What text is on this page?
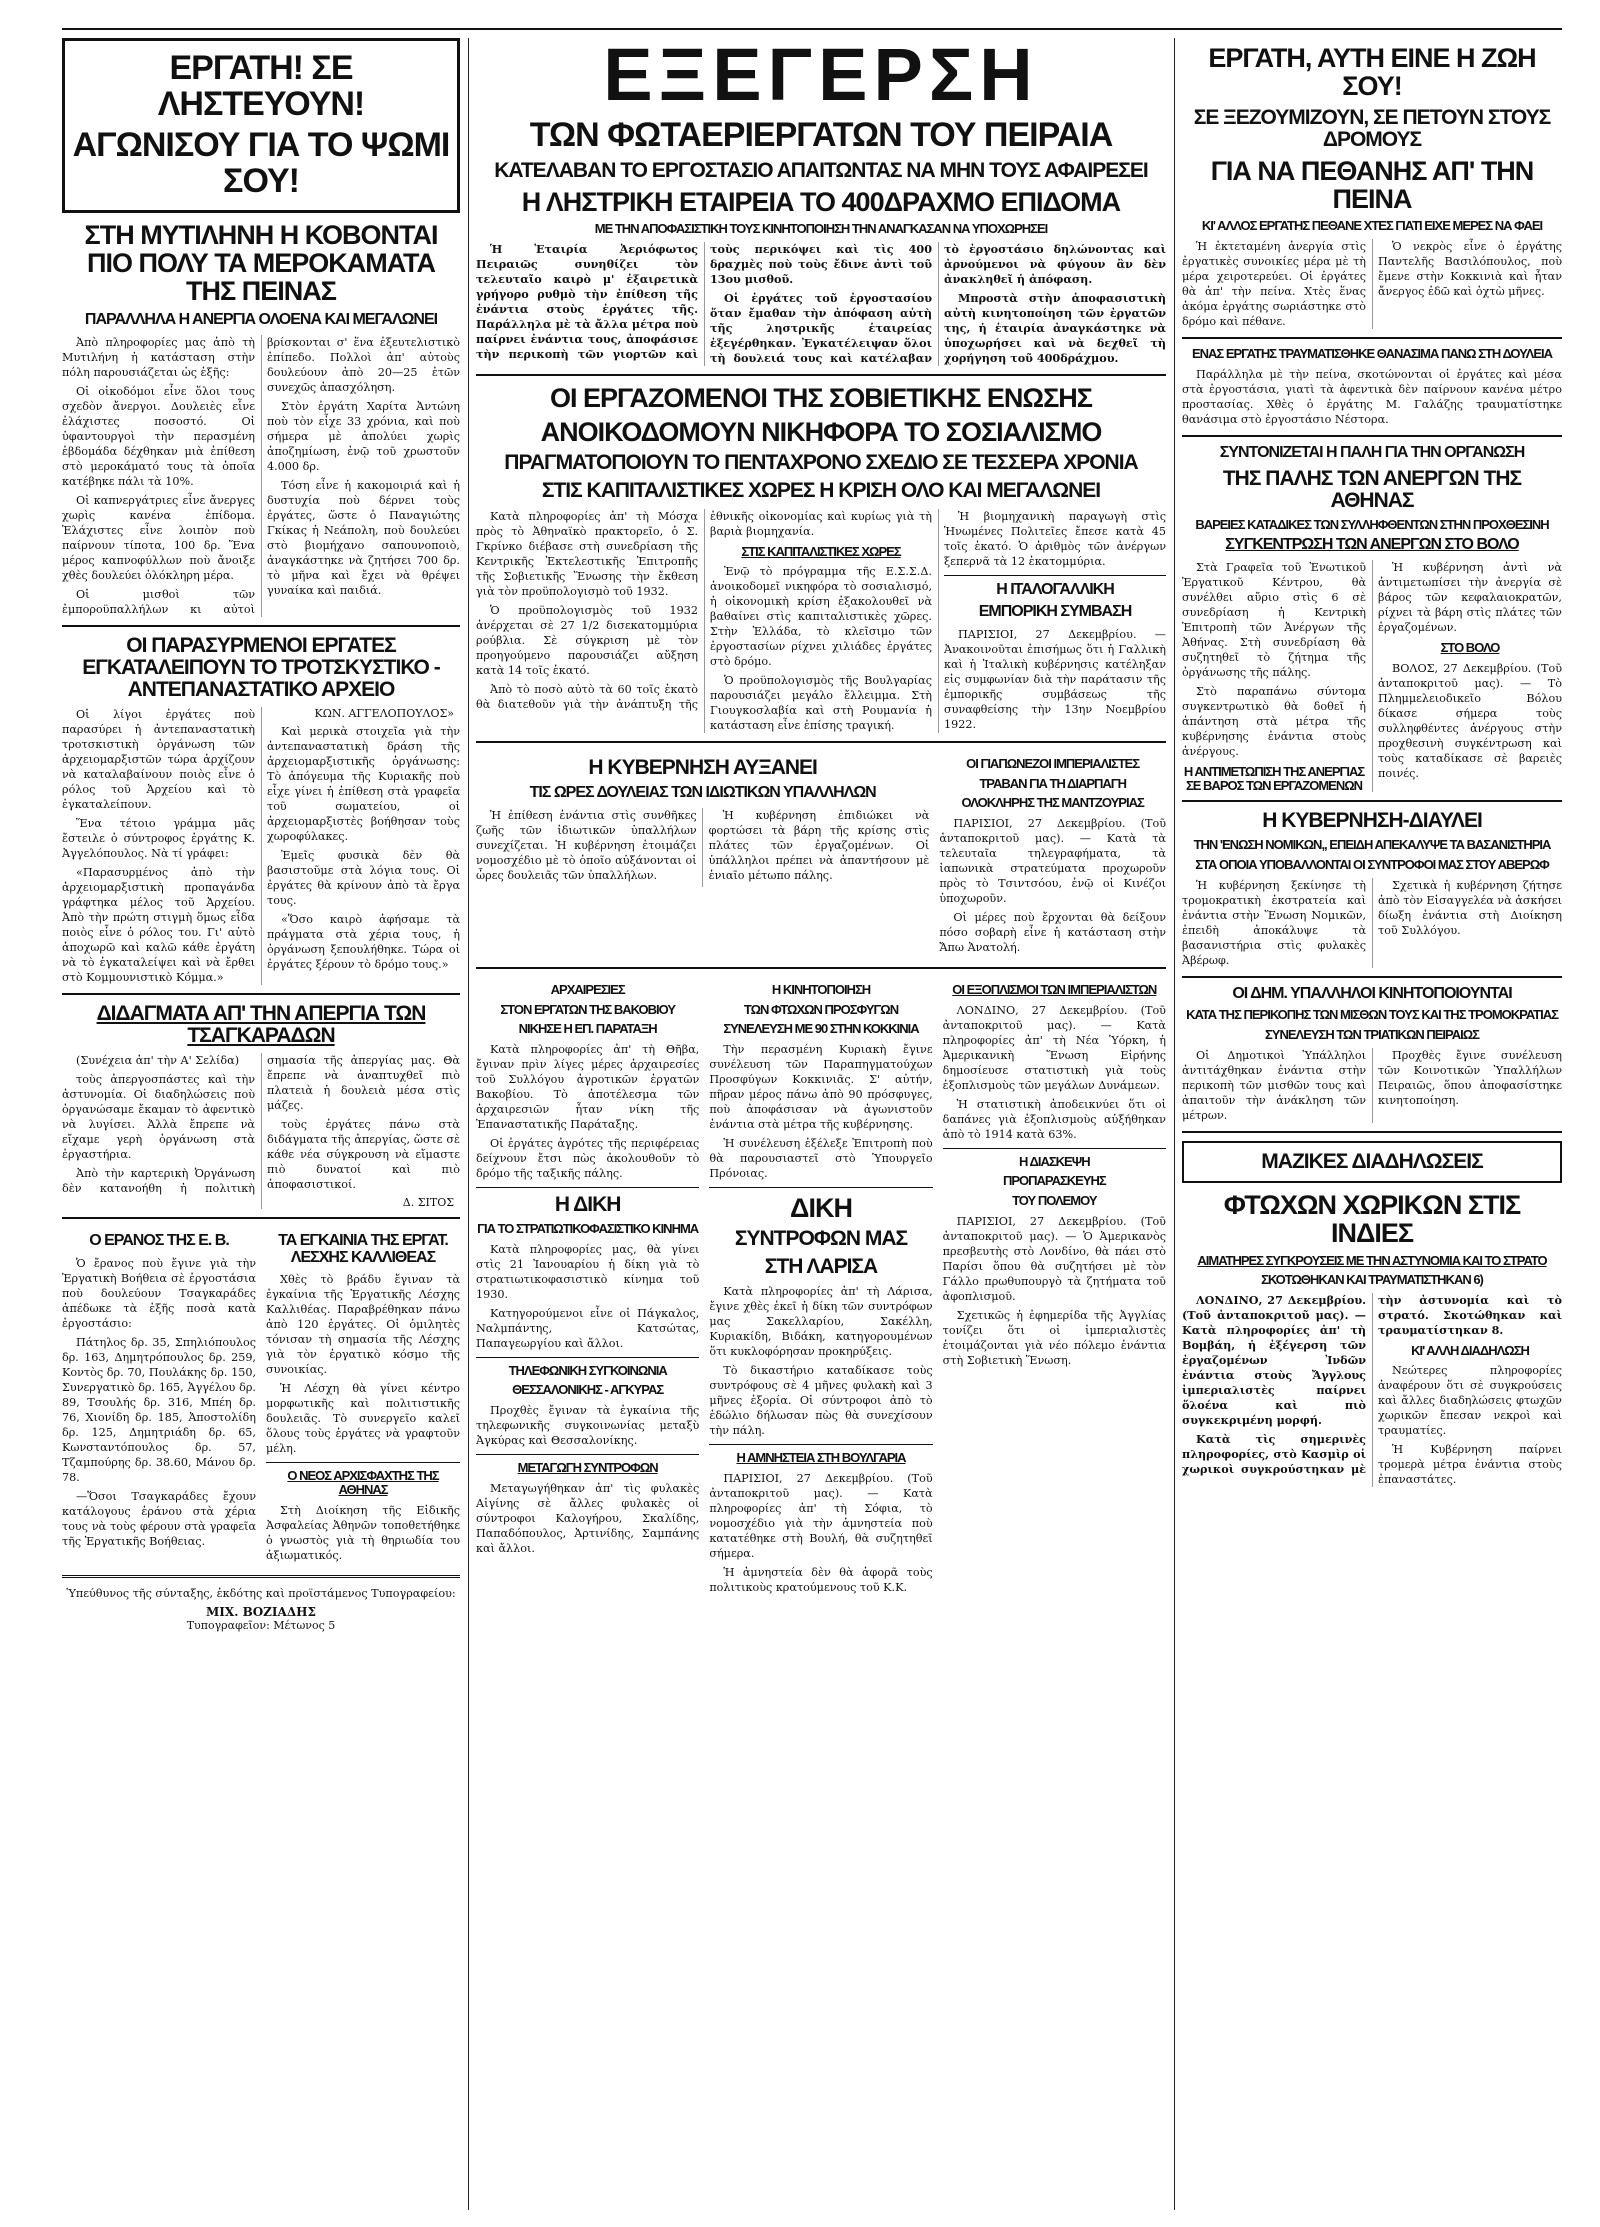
ΕΡΓΑΤΗ! ΣΕ ΛΗΣΤΕΥΟΥΝ!
ΑΓΩΝΙΣΟΥ ΓΙΑ ΤΟ ΨΩΜΙ ΣΟΥ!
ΣΤΗ ΜΥΤΙΛΗΝΗ Η ΚΟΒΟΝΤΑΙ ΠΙΟ ΠΟΛΥ ΤΑ ΜΕΡΟΚΑΜΑΤΑ ΤΗΣ ΠΕΙΝΑΣ
ΠΑΡΑΛΛΗΛΑ Η ΑΝΕΡΓΙΑ ΟΛΟΕΝΑ ΚΑΙ ΜΕΓΑΛΩΝΕΙ

Ἀπὸ πληροφορίες μας ἀπὸ τὴ Μυτιλήνη ἡ κατάσταση στὴν πόλη παρουσιάζεται ὡς ἑξῆς:

Οἱ οἰκοδόμοι εἶνε ὅλοι τους σχεδὸν ἄνεργοι. Δουλειὲς εἶνε ἐλάχιστες ποσοστό. Οἱ ὑφαντουργοὶ τὴν περασμένη ἑβδομάδα δέχθηκαν μιὰ ἐπίθεση στὸ μεροκάματό τους τὰ ὁποῖα κατέβηκε πάλι τὰ 10%.

Οἱ καπνεργάτριες εἶνε ἄνεργες χωρὶς κανένα ἐπίδομα. Ἐλάχιστες εἶνε λοιπὸν ποὺ παίρνουν τίποτα, 100 δρ. Ἕνα μέρος καπνοφύλλων ποὺ ἄνοιξε χθὲς δουλεύει ὁλόκληρη μέρα.

Οἱ μισθοὶ τῶν ἐμποροϋπαλλήλων κι αὐτοὶ βρίσκονται σ' ἕνα ἐξευτελιστικὸ ἐπίπεδο. Πολλοὶ ἀπ' αὐτοὺς δουλεύουν ἀπὸ 20—25 ἑτῶν συνεχῶς ἀπασχόληση.

Στὸν ἐργάτη Χαρίτα Ἀντώνη ποὺ τὸν εἶχε 33 χρόνια, καὶ ποὺ σήμερα μὲ ἀπολύει χωρὶς ἀποζημίωση, ἐνῷ τοῦ χρωστοῦν 4.000 δρ.

Τόση εἶνε ἡ κακομοιριά καὶ ἡ δυστυχία ποὺ δέρνει τοὺς ἐργάτες, ὥστε ὁ Παναγιώτης Γκίκας ἡ Νεάπολη, ποὺ δουλεύει στὸ βιομήχανο σαπουνοποιὸ, ἀναγκάστηκε νὰ ζητήσει 700 δρ. τὸ μῆνα καὶ ἔχει νὰ θρέψει γυναίκα καὶ παιδιά.

ΟΙ ΠΑΡΑΣΥΡΜΕΝΟΙ ΕΡΓΑΤΕΣ ΕΓΚΑΤΑΛΕΙΠΟΥΝ ΤΟ ΤΡΟΤΣΚΥΣΤΙΚΟ - ΑΝΤΕΠΑΝΑΣΤΑΤΙΚΟ ΑΡΧΕΙΟ

Οἱ λίγοι ἐργάτες ποὺ παρασύρει ἡ ἀντεπαναστατικὴ τροτσκιστικὴ ὀργάνωση τῶν ἀρχειομαρξιστῶν τώρα ἀρχίζουν νὰ καταλαβαίνουν ποιὸς εἶνε ὁ ρόλος τοῦ Ἀρχείου καὶ τὸ ἐγκαταλείπουν.

Ἕνα τέτοιο γράμμα μᾶς ἔστειλε ὁ σύντροφος ἐργάτης Κ. Ἀγγελόπουλος. Νὰ τί γράφει:

«Παρασυρμένος ἀπὸ τὴν ἀρχειομαρξιστικὴ προπαγάνδα γράφτηκα μέλος τοῦ Ἀρχείου. Ἀπὸ τὴν πρώτη στιγμὴ ὅμως εἶδα ποιὸς εἶνε ὁ ρόλος του. Γι' αὐτὸ ἀποχωρῶ καὶ καλῶ κάθε ἐργάτη νὰ τὸ ἐγκαταλείψει καὶ νὰ ἔρθει στὸ Κομμουνιστικὸ Κόμμα.»

ΚΩΝ. ΑΓΓΕΛΟΠΟΥΛΟΣ»

Καὶ μερικὰ στοιχεῖα γιὰ τὴν ἀντεπαναστατικὴ δράση τῆς ἀρχειομαρξιστικῆς ὀργάνωσης: Τὸ ἀπόγευμα τῆς Κυριακῆς ποὺ εἶχε γίνει ἡ ἐπίθεση στὰ γραφεῖα τοῦ σωματείου, οἱ ἀρχειομαρξιστὲς βοήθησαν τοὺς χωροφύλακες.

Ἐμεῖς φυσικὰ δὲν θὰ βασιστοῦμε στὰ λόγια τους. Οἱ ἐργάτες θὰ κρίνουν ἀπὸ τὰ ἔργα τους.

«Ὅσο καιρὸ ἀφήσαμε τὰ πράγματα στὰ χέρια τους, ἡ ὀργάνωση ξεπουλήθηκε. Τώρα οἱ ἐργάτες ξέρουν τὸ δρόμο τους.»

ΔΙΔΑΓΜΑΤΑ ΑΠ' ΤΗΝ ΑΠΕΡΓΙΑ ΤΩΝ ΤΣΑΓΚΑΡΑΔΩΝ

(Συνέχεια ἀπ' τὴν Α' Σελίδα)

τοὺς ἀπεργοσπάστες καὶ τὴν ἀστυνομία. Οἱ διαδηλώσεις ποὺ ὀργανώσαμε ἔκαμαν τὸ ἀφεντικὸ νὰ λυγίσει. Ἀλλὰ ἔπρεπε νὰ εἴχαμε γερὴ ὀργάνωση στὰ ἐργαστήρια.

Ἀπὸ τὴν καρτερικὴ Ὀργάνωση δὲν κατανοήθη ἡ πολιτικὴ σημασία τῆς ἀπεργίας μας. Θὰ ἔπρεπε νὰ ἀναπτυχθεῖ πιὸ πλατειὰ ἡ δουλειὰ μέσα στὶς μάζες.

τοὺς ἐργάτες πάνω στὰ διδάγματα τῆς ἀπεργίας, ὥστε σὲ κάθε νέα σύγκρουση νὰ εἴμαστε πιὸ δυνατοί καὶ πιὸ ἀποφασιστικοί.

Δ. ΣΙΤΟΣ
Ο ΕΡΑΝΟΣ ΤΗΣ Ε. Β.

Ὁ ἔρανος ποὺ ἔγινε γιὰ τὴν Ἐργατικὴ Βοήθεια σὲ ἐργοστάσια ποὺ δουλεύουν Τσαγκαράδες ἀπέδωκε τὰ ἑξῆς ποσὰ κατὰ ἐργοστάσιο:

Πάτηλος δρ. 35, Σπηλιόπουλος δρ. 163, Δημητρόπουλος δρ. 259, Κοντὸς δρ. 70, Πουλάκης δρ. 150, Συνεργατικὸ δρ. 165, Ἀγγέλου δρ. 89, Τσουλής δρ. 316, Μπέη δρ. 76, Χιονίδη δρ. 185, Ἀποστολίδη δρ. 125, Δημητριάδη δρ. 65, Κωνσταντόπουλος δρ. 57, Τζαμπούρης δρ. 38.60, Μάνου δρ. 78.

—Ὅσοι Τσαγκαράδες ἔχουν κατάλογους ἐράνου στὰ χέρια τους νὰ τοὺς φέρουν στὰ γραφεῖα τῆς Ἐργατικῆς Βοήθειας.

ΤΑ ΕΓΚΑΙΝΙΑ ΤΗΣ ΕΡΓΑΤ. ΛΕΣΧΗΣ ΚΑΛΛΙΘΕΑΣ

Χθὲς τὸ βράδυ ἔγιναν τὰ ἐγκαίνια τῆς Ἐργατικῆς Λέσχης Καλλιθέας. Παραβρέθηκαν πάνω ἀπὸ 120 ἐργάτες. Οἱ ὁμιλητὲς τόνισαν τὴ σημασία τῆς Λέσχης γιὰ τὸν ἐργατικὸ κόσμο τῆς συνοικίας.

Ἡ Λέσχη θὰ γίνει κέντρο μορφωτικῆς καὶ πολιτιστικῆς δουλειᾶς. Τὸ συνεργεῖο καλεῖ ὅλους τοὺς ἐργάτες νὰ γραφτοῦν μέλη.

Ο ΝΕΟΣ ΑΡΧΙΣΦΑΧΤΗΣ ΤΗΣ ΑΘΗΝΑΣ

Στὴ Διοίκηση τῆς Εἰδικῆς Ἀσφαλείας Ἀθηνῶν τοποθετήθηκε ὁ γνωστὸς γιὰ τὴ θηριωδία του ἀξιωματικός.

Ὑπεύθυνος τῆς σύνταξης, ἐκδότης καὶ προϊστάμενος Τυπογραφείου:

ΜΙΧ. ΒΟΖΙΑΔΗΣ
Τυπογραφεῖον: Μέτωνος 5
ΕΞΕΓΕΡΣΗ
ΤΩΝ ΦΩΤΑΕΡΙΕΡΓΑΤΩΝ ΤΟΥ ΠΕΙΡΑΙΑ
ΚΑΤΕΛΑΒΑΝ ΤΟ ΕΡΓΟΣΤΑΣΙΟ ΑΠΑΙΤΩΝΤΑΣ ΝΑ ΜΗΝ ΤΟΥΣ ΑΦΑΙΡΕΣΕΙ
Η ΛΗΣΤΡΙΚΗ ΕΤΑΙΡΕΙΑ ΤΟ 400ΔΡΑΧΜΟ ΕΠΙΔΟΜΑ
ΜΕ ΤΗΝ ΑΠΟΦΑΣΙΣΤΙΚΗ ΤΟΥΣ ΚΙΝΗΤΟΠΟΙΗΣΗ ΤΗΝ ΑΝΑΓΚΑΣΑΝ ΝΑ ΥΠΟΧΩΡΗΣΕΙ

Ἡ Ἑταιρία Ἀεριόφωτος Πειραιῶς συνηθίζει τὸν τελευταῖο καιρὸ μ' ἐξαιρετικὰ γρήγορο ρυθμὸ τὴν ἐπίθεση τῆς ἐνάντια στοὺς ἐργάτες τῆς. Παράλληλα μὲ τὰ ἄλλα μέτρα ποὺ παίρνει ἐνάντια τους, ἀποφάσισε τὴν περικοπὴ τῶν γιορτῶν καὶ τοὺς περικόψει καὶ τὶς 400 δραχμὲς ποὺ τοὺς ἔδινε ἀντὶ τοῦ 13ου μισθοῦ.

Οἱ ἐργάτες τοῦ ἐργοστασίου ὅταν ἔμαθαν τὴν ἀπόφαση αὐτὴ τῆς ληστρικῆς ἑταιρείας ἐξεγέρθηκαν. Ἐγκατέλειψαν ὅλοι τὴ δουλειά τους καὶ κατέλαβαν τὸ ἐργοστάσιο δηλώνοντας καὶ ἀρνούμενοι νὰ φύγουν ἂν δὲν ἀνακληθεῖ ἡ ἀπόφαση.

Μπροστὰ στὴν ἀποφασιστικὴ αὐτὴ κινητοποίηση τῶν ἐργατῶν της, ἡ ἑταιρία ἀναγκάστηκε νὰ ὑποχωρήσει καὶ νὰ δεχθεῖ τὴ χορήγηση τοῦ 400δράχμου.

ΟΙ ΕΡΓΑΖΟΜΕΝΟΙ ΤΗΣ ΣΟΒΙΕΤΙΚΗΣ ΕΝΩΣΗΣ
ΑΝΟΙΚΟΔΟΜΟΥΝ ΝΙΚΗΦΟΡΑ ΤΟ ΣΟΣΙΑΛΙΣΜΟ
ΠΡΑΓΜΑΤΟΠΟΙΟΥΝ ΤΟ ΠΕΝΤΑΧΡΟΝΟ ΣΧΕΔΙΟ ΣΕ ΤΕΣΣΕΡΑ ΧΡΟΝΙΑ
ΣΤΙΣ ΚΑΠΙΤΑΛΙΣΤΙΚΕΣ ΧΩΡΕΣ Η ΚΡΙΣΗ ΟΛΟ ΚΑΙ ΜΕΓΑΛΩΝΕΙ

Κατὰ πληροφορίες ἀπ' τὴ Μόσχα πρὸς τὸ Ἀθηναϊκὸ πρακτορεῖο, ὁ Σ. Γκρίνκο διέβασε στὴ συνεδρίαση τῆς Κεντρικῆς Ἐκτελεστικῆς Ἐπιτροπῆς τῆς Σοβιετικῆς Ἕνωσης τὴν ἔκθεση γιὰ τὸν προϋπολογισμὸ τοῦ 1932.

Ὁ προϋπολογισμὸς τοῦ 1932 ἀνέρχεται σὲ 27 1/2 δισεκατομμύρια ρούβλια. Σὲ σύγκριση μὲ τὸν προηγούμενο παρουσιάζει αὔξηση κατὰ 14 τοῖς ἑκατό.

Ἀπὸ τὸ ποσὸ αὐτὸ τὰ 60 τοῖς ἑκατὸ θὰ διατεθοῦν γιὰ τὴν ἀνάπτυξη τῆς ἐθνικῆς οἰκονομίας καὶ κυρίως γιὰ τὴ βαριὰ βιομηχανία.

ΣΤΙΣ ΚΑΠΙΤΑΛΙΣΤΙΚΕΣ ΧΩΡΕΣ

Ἐνῷ τὸ πρόγραμμα τῆς Ε.Σ.Σ.Δ. ἀνοικοδομεῖ νικηφόρα τὸ σοσιαλισμό, ἡ οἰκονομικὴ κρίση ἐξακολουθεῖ νὰ βαθαίνει στὶς καπιταλιστικὲς χῶρες. Στὴν Ἑλλάδα, τὸ κλεῖσιμο τῶν ἐργοστασίων ρίχνει χιλιάδες ἐργάτες στὸ δρόμο.

Ὁ προϋπολογισμὸς τῆς Βουλγαρίας παρουσιάζει μεγάλο ἔλλειμμα. Στὴ Γιουγκοσλαβία καὶ στὴ Ρουμανία ἡ κατάσταση εἶνε ἐπίσης τραγική.

Ἡ βιομηχανικὴ παραγωγὴ στὶς Ἡνωμένες Πολιτεῖες ἔπεσε κατὰ 45 τοῖς ἑκατό. Ὁ ἀριθμὸς τῶν ἀνέργων ξεπερνᾶ τὰ 12 ἑκατομμύρια.

Η ΙΤΑΛΟΓΑΛΛΙΚΗ
ΕΜΠΟΡΙΚΗ ΣΥΜΒΑΣΗ

ΠΑΡΙΣΙΟΙ, 27 Δεκεμβρίου. — Ἀνακοινοῦται ἐπισήμως ὅτι ἡ Γαλλικὴ καὶ ἡ Ἰταλικὴ κυβέρνησις κατέληξαν εἰς συμφωνίαν διὰ τὴν παράτασιν τῆς ἐμπορικῆς συμβάσεως τῆς συναφθείσης τὴν 13ην Νοεμβρίου 1922.

Η ΚΥΒΕΡΝΗΣΗ ΑΥΞΑΝΕΙ
ΤΙΣ ΩΡΕΣ ΔΟΥΛΕΙΑΣ ΤΩΝ ΙΔΙΩΤΙΚΩΝ ΥΠΑΛΛΗΛΩΝ

Ἡ ἐπίθεση ἐνάντια στὶς συνθῆκες ζωῆς τῶν ἰδιωτικῶν ὑπαλλήλων συνεχίζεται. Ἡ κυβέρνηση ἑτοιμάζει νομοσχέδιο μὲ τὸ ὁποῖο αὐξάνονται οἱ ὧρες δουλειᾶς τῶν ὑπαλλήλων.

Ἡ κυβέρνηση ἐπιδιώκει νὰ φορτώσει τὰ βάρη τῆς κρίσης στὶς πλάτες τῶν ἐργαζομένων. Οἱ ὑπάλληλοι πρέπει νὰ ἀπαντήσουν μὲ ἑνιαῖο μέτωπο πάλης.

ΟΙ ΓΙΑΠΩΝΕΖΟΙ ΙΜΠΕΡΙΑΛΙΣΤΕΣ
ΤΡΑΒΑΝ ΓΙΑ ΤΗ ΔΙΑΡΠΑΓΗ
ΟΛΟΚΛΗΡΗΣ ΤΗΣ ΜΑΝΤΖΟΥΡΙΑΣ

ΠΑΡΙΣΙΟΙ, 27 Δεκεμβρίου. (Τοῦ ἀνταποκριτοῦ μας). — Κατὰ τὰ τελευταῖα τηλεγραφήματα, τὰ ἰαπωνικὰ στρατεύματα προχωροῦν πρὸς τὸ Τσιντσόου, ἐνῷ οἱ Κινέζοι ὑποχωροῦν.

Οἱ μέρες ποὺ ἔρχονται θὰ δείξουν πόσο σοβαρὴ εἶνε ἡ κατάσταση στὴν Ἄπω Ἀνατολή.

ΑΡΧΑΙΡΕΣΙΕΣ
ΣΤΟΝ ΕΡΓΑΤΩΝ ΤΗΣ ΒΑΚΟΒΙΟΥ
ΝΙΚΗΣΕ Η ΕΠ. ΠΑΡΑΤΑΞΗ

Κατὰ πληροφορίες ἀπ' τὴ Θῆβα, ἔγιναν πρὶν λίγες μέρες ἀρχαιρεσίες τοῦ Συλλόγου ἀγροτικῶν ἐργατῶν Βακοβίου. Τὸ ἀποτέλεσμα τῶν ἀρχαιρεσιῶν ἦταν νίκη τῆς Ἐπαναστατικῆς Παράταξης.

Οἱ ἐργάτες ἀγρότες τῆς περιφέρειας δείχνουν ἔτσι πὼς ἀκολουθοῦν τὸ δρόμο τῆς ταξικῆς πάλης.

Η ΔΙΚΗ
ΓΙΑ ΤΟ ΣΤΡΑΤΙΩΤΙΚΟΦΑΣΙΣΤΙΚΟ ΚΙΝΗΜΑ

Κατὰ πληροφορίες μας, θὰ γίνει στὶς 21 Ἰανουαρίου ἡ δίκη γιὰ τὸ στρατιωτικοφασιστικὸ κίνημα τοῦ 1930.

Κατηγορούμενοι εἶνε οἱ Πάγκαλος, Ναλμπάντης, Κατσώτας, Παπαγεωργίου καὶ ἄλλοι.

ΤΗΛΕΦΩΝΙΚΗ ΣΥΓΚΟΙΝΩΝΙΑ
ΘΕΣΣΑΛΟΝΙΚΗΣ - ΑΓΚΥΡΑΣ

Προχθὲς ἔγιναν τὰ ἐγκαίνια τῆς τηλεφωνικῆς συγκοινωνίας μεταξὺ Ἀγκύρας καὶ Θεσσαλονίκης.

ΜΕΤΑΓΩΓΗ ΣΥΝΤΡΟΦΩΝ

Μεταγωγήθηκαν ἀπ' τὶς φυλακὲς Αἰγίνης σὲ ἄλλες φυλακὲς οἱ σύντροφοι Καλογήρου, Σκαλίδης, Παπαδόπουλος, Ἀρτινίδης, Σαμπάνης καὶ ἄλλοι.

Η ΚΙΝΗΤΟΠΟΙΗΣΗ
ΤΩΝ ΦΤΩΧΩΝ ΠΡΟΣΦΥΓΩΝ
ΣΥΝΕΛΕΥΣΗ ΜΕ 90 ΣΤΗΝ ΚΟΚΚΙΝΙΑ

Τὴν περασμένη Κυριακὴ ἔγινε συνέλευση τῶν Παραπηγματούχων Προσφύγων Κοκκινιᾶς. Σ' αὐτήν, πῆραν μέρος πάνω ἀπὸ 90 πρόσφυγες, ποὺ ἀποφάσισαν νὰ ἀγωνιστοῦν ἐνάντια στὰ μέτρα τῆς κυβέρνησης.

Ἡ συνέλευση ἐξέλεξε Ἐπιτροπὴ ποὺ θὰ παρουσιαστεῖ στὸ Ὑπουργεῖο Πρόνοιας.

ΔΙΚΗ
ΣΥΝΤΡΟΦΩΝ ΜΑΣ
ΣΤΗ ΛΑΡΙΣΑ

Κατὰ πληροφορίες ἀπ' τὴ Λάρισα, ἔγινε χθὲς ἐκεῖ ἡ δίκη τῶν συντρόφων μας Σακελλαρίου, Σακέλλη, Κυριακίδη, Βιδάκη, κατηγορουμένων ὅτι κυκλοφόρησαν προκηρύξεις.

Τὸ δικαστήριο καταδίκασε τοὺς συντρόφους σὲ 4 μῆνες φυλακὴ καὶ 3 μῆνες ἐξορία. Οἱ σύντροφοι ἀπὸ τὸ ἑδώλιο δήλωσαν πὼς θὰ συνεχίσουν τὴν πάλη.

Η ΑΜΝΗΣΤΕΙΑ ΣΤΗ ΒΟΥΛΓΑΡΙΑ

ΠΑΡΙΣΙΟΙ, 27 Δεκεμβρίου. (Τοῦ ἀνταποκριτοῦ μας). — Κατὰ πληροφορίες ἀπ' τὴ Σόφια, τὸ νομοσχέδιο γιὰ τὴν ἀμνηστεία ποὺ κατατέθηκε στὴ Βουλή, θὰ συζητηθεῖ σήμερα.

Ἡ ἀμνηστεία δὲν θὰ ἀφορᾶ τοὺς πολιτικοὺς κρατούμενους τοῦ Κ.Κ.

ΟΙ ΕΞΟΠΛΙΣΜΟΙ ΤΩΝ ΙΜΠΕΡΙΑΛΙΣΤΩΝ

ΛΟΝΔΙΝΟ, 27 Δεκεμβρίου. (Τοῦ ἀνταποκριτοῦ μας). — Κατὰ πληροφορίες ἀπ' τὴ Νέα Ὑόρκη, ἡ Ἀμερικανικὴ Ἕνωση Εἰρήνης δημοσίευσε στατιστικὴ γιὰ τοὺς ἐξοπλισμοὺς τῶν μεγάλων Δυνάμεων.

Ἡ στατιστικὴ ἀποδεικνύει ὅτι οἱ δαπάνες γιὰ ἐξοπλισμοὺς αὐξήθηκαν ἀπὸ τὸ 1914 κατὰ 63%.

Η ΔΙΑΣΚΕΨΗ
ΠΡΟΠΑΡΑΣΚΕΥΗΣ
ΤΟΥ ΠΟΛΕΜΟΥ

ΠΑΡΙΣΙΟΙ, 27 Δεκεμβρίου. (Τοῦ ἀνταποκριτοῦ μας). — Ὁ Ἀμερικανὸς πρεσβευτὴς στὸ Λονδίνο, θὰ πάει στὸ Παρίσι ὅπου θὰ συζητήσει μὲ τὸν Γάλλο πρωθυπουργὸ τὰ ζητήματα τοῦ ἀφοπλισμοῦ.

Σχετικῶς ἡ ἐφημερίδα τῆς Ἀγγλίας τονίζει ὅτι οἱ ἰμπεριαλιστὲς ἑτοιμάζονται γιὰ νέο πόλεμο ἐνάντια στὴ Σοβιετικὴ Ἕνωση.

ΕΡΓΑΤΗ, ΑΥΤΗ ΕΙΝΕ Η ΖΩΗ ΣΟΥ!
ΣΕ ΞΕΖΟΥΜΙΖΟΥΝ, ΣΕ ΠΕΤΟΥΝ ΣΤΟΥΣ ΔΡΟΜΟΥΣ
ΓΙΑ ΝΑ ΠΕΘΑΝΗΣ ΑΠ' ΤΗΝ ΠΕΙΝΑ
ΚΙ' ΑΛΛΟΣ ΕΡΓΑΤΗΣ ΠΕΘΑΝΕ ΧΤΕΣ ΓΙΑΤΙ ΕΙΧΕ ΜΕΡΕΣ ΝΑ ΦΑΕΙ

Ἡ ἐκτεταμένη ἀνεργία στὶς ἐργατικὲς συνοικίες μέρα μὲ τὴ μέρα χειροτερεύει. Οἱ ἐργάτες θὰ ἀπ' τὴν πείνα. Χτὲς ἕνας ἀκόμα ἐργάτης σωριάστηκε στὸ δρόμο καὶ πέθανε.

Ὁ νεκρὸς εἶνε ὁ ἐργάτης Παντελῆς Βασιλόπουλος, ποὺ ἔμενε στὴν Κοκκινιὰ καὶ ἦταν ἄνεργος ἐδῶ καὶ ὀχτὼ μῆνες.

ΕΝΑΣ ΕΡΓΑΤΗΣ ΤΡΑΥΜΑΤΙΣΘΗΚΕ ΘΑΝΑΣΙΜΑ ΠΑΝΩ ΣΤΗ ΔΟΥΛΕΙΑ

Παράλληλα μὲ τὴν πείνα, σκοτώνονται οἱ ἐργάτες καὶ μέσα στὰ ἐργοστάσια, γιατὶ τὰ ἀφεντικὰ δὲν παίρνουν κανένα μέτρο προστασίας. Χθὲς ὁ ἐργάτης Μ. Γαλάζης τραυματίστηκε θανάσιμα στὸ ἐργοστάσιο Νέστορα.

ΣΥΝΤΟΝΙΖΕΤΑΙ Η ΠΑΛΗ ΓΙΑ ΤΗΝ ΟΡΓΑΝΩΣΗ
ΤΗΣ ΠΑΛΗΣ ΤΩΝ ΑΝΕΡΓΩΝ ΤΗΣ ΑΘΗΝΑΣ
ΒΑΡΕΙΕΣ ΚΑΤΑΔΙΚΕΣ ΤΩΝ ΣΥΛΛΗΦΘΕΝΤΩΝ ΣΤΗΝ ΠΡΟΧΘΕΣΙΝΗ
ΣΥΓΚΕΝΤΡΩΣΗ ΤΩΝ ΑΝΕΡΓΩΝ ΣΤΟ ΒΟΛΟ

Στὰ Γραφεῖα τοῦ Ἑνωτικοῦ Ἐργατικοῦ Κέντρου, θὰ συνέλθει αὔριο στὶς 6 σὲ συνεδρίαση ἡ Κεντρικὴ Ἐπιτροπὴ τῶν Ἀνέργων τῆς Ἀθήνας. Στὴ συνεδρίαση θὰ συζητηθεῖ τὸ ζήτημα τῆς ὀργάνωσης τῆς πάλης.

Στὸ παραπάνω σύντομα συγκεντρωτικὸ θὰ δοθεῖ ἡ ἀπάντηση στὰ μέτρα τῆς κυβέρνησης ἐνάντια στοὺς ἀνέργους.

Η ΑΝΤΙΜΕΤΩΠΙΣΗ ΤΗΣ ΑΝΕΡΓΙΑΣ ΣΕ ΒΑΡΟΣ ΤΩΝ ΕΡΓΑΖΟΜΕΝΩΝ

Ἡ κυβέρνηση ἀντὶ νὰ ἀντιμετωπίσει τὴν ἀνεργία σὲ βάρος τῶν κεφαλαιοκρατῶν, ρίχνει τὰ βάρη στὶς πλάτες τῶν ἐργαζομένων.

ΣΤΟ ΒΟΛΟ

ΒΟΛΟΣ, 27 Δεκεμβρίου. (Τοῦ ἀνταποκριτοῦ μας). — Τὸ Πλημμελειοδικεῖο Βόλου δίκασε σήμερα τοὺς συλληφθέντες ἀνέργους στὴν προχθεσινὴ συγκέντρωση καὶ τοὺς καταδίκασε σὲ βαρειὲς ποινές.

Η ΚΥΒΕΡΝΗΣΗ-ΔΙΑΥΛΕΙ
ΤΗΝ 'ΕΝΩΣΗ ΝΟΜΙΚΩΝ,, ΕΠΕΙΔΗ ΑΠΕΚΑΛΥΨΕ ΤΑ ΒΑΣΑΝΙΣΤΗΡΙΑ
ΣΤΑ ΟΠΟΙΑ ΥΠΟΒΑΛΛΟΝΤΑΙ ΟΙ ΣΥΝΤΡΟΦΟΙ ΜΑΣ ΣΤΟΥ ΑΒΕΡΩΦ

Ἡ κυβέρνηση ξεκίνησε τὴ τρομοκρατικὴ ἐκστρατεία καὶ ἐνάντια στὴν Ἕνωση Νομικῶν, ἐπειδὴ ἀποκάλυψε τὰ βασανιστήρια στὶς φυλακὲς Ἀβέρωφ.

Σχετικὰ ἡ κυβέρνηση ζήτησε ἀπὸ τὸν Εἰσαγγελέα νὰ ἀσκήσει δίωξη ἐνάντια στὴ Διοίκηση τοῦ Συλλόγου.

ΟΙ ΔΗΜ. ΥΠΑΛΛΗΛΟΙ ΚΙΝΗΤΟΠΟΙΟΥΝΤΑΙ
ΚΑΤΑ ΤΗΣ ΠΕΡΙΚΟΠΗΣ ΤΩΝ ΜΙΣΘΩΝ ΤΟΥΣ ΚΑΙ ΤΗΣ ΤΡΟΜΟΚΡΑΤΙΑΣ
ΣΥΝΕΛΕΥΣΗ ΤΩΝ ΤΡΙΑΤΙΚΩΝ ΠΕΙΡΑΙΩΣ

Οἱ Δημοτικοὶ Ὑπάλληλοι ἀντιτάχθηκαν ἐνάντια στὴν περικοπὴ τῶν μισθῶν τους καὶ ἀπαιτοῦν τὴν ἀνάκληση τῶν μέτρων.

Προχθὲς ἔγινε συνέλευση τῶν Κοινοτικῶν Ὑπαλλήλων Πειραιῶς, ὅπου ἀποφασίστηκε κινητοποίηση.

ΜΑΖΙΚΕΣ ΔΙΑΔΗΛΩΣΕΙΣ
ΦΤΩΧΩΝ ΧΩΡΙΚΩΝ ΣΤΙΣ ΙΝΔΙΕΣ
ΑΙΜΑΤΗΡΕΣ ΣΥΓΚΡΟΥΣΕΙΣ ΜΕ ΤΗΝ ΑΣΤΥΝΟΜΙΑ ΚΑΙ ΤΟ ΣΤΡΑΤΟ
ΣΚΟΤΩΘΗΚΑΝ ΚΑΙ ΤΡΑΥΜΑΤΙΣΤΗΚΑΝ 6)

ΛΟΝΔΙΝΟ, 27 Δεκεμβρίου. (Τοῦ ἀνταποκριτοῦ μας). — Κατὰ πληροφορίες ἀπ' τὴ Βομβάη, ἡ ἐξέγερση τῶν ἐργαζομένων Ἰνδῶν ἐνάντια στοὺς Ἄγγλους ἰμπεριαλιστὲς παίρνει ὅλοένα καὶ πιὸ συγκεκριμένη μορφή.

Κατὰ τὶς σημερινὲς πληροφορίες, στὸ Κασμὶρ οἱ χωρικοὶ συγκρούστηκαν μὲ τὴν ἀστυνομία καὶ τὸ στρατό. Σκοτώθηκαν καὶ τραυματίστηκαν 8.

ΚΙ' ΑΛΛΗ ΔΙΑΔΗΛΩΣΗ

Νεώτερες πληροφορίες ἀναφέρουν ὅτι σὲ συγκρούσεις καὶ ἄλλες διαδηλώσεις φτωχῶν χωρικῶν ἔπεσαν νεκροὶ καὶ τραυματίες.

Ἡ Κυβέρνηση παίρνει τρομερὰ μέτρα ἐνάντια στοὺς ἐπαναστάτες.
